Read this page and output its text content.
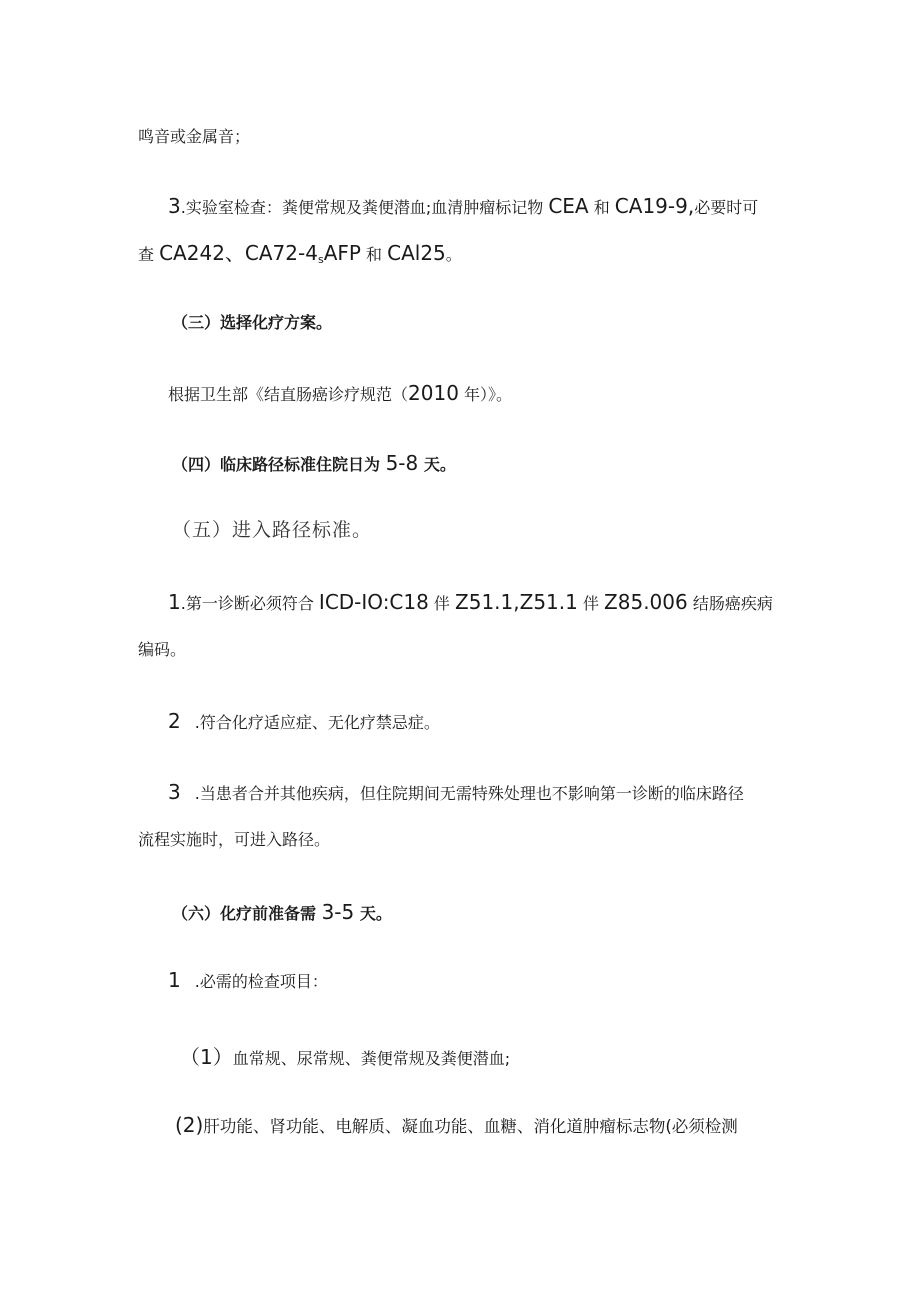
鸣音或金属音；
3.实验室检查：粪便常规及粪便潜血;血清肿瘤标记物 CEA 和 CA19-9,必要时可
查 CA242、$CA72-4_sAFP$ 和 CAl25。
（三）选择化疗方案。
根据卫生部《结直肠癌诊疗规范（2010 年）》。
（四）临床路径标准住院日为 5-8 天。
（五）进入路径标准。
1.第一诊断必须符合 ICD-IO:C18 伴 Z51.1,Z51.1 伴 Z85.006 结肠癌疾病
编码。
2 .符合化疗适应症、无化疗禁忌症。
3 .当患者合并其他疾病，但住院期间无需特殊处理也不影响第一诊断的临床路径
流程实施时，可进入路径。
（六）化疗前准备需 3-5 天。
1 .必需的检查项目：
（1）血常规、尿常规、粪便常规及粪便潜血;
(2)肝功能、肾功能、电解质、凝血功能、血糖、消化道肿瘤标志物(必须检测
